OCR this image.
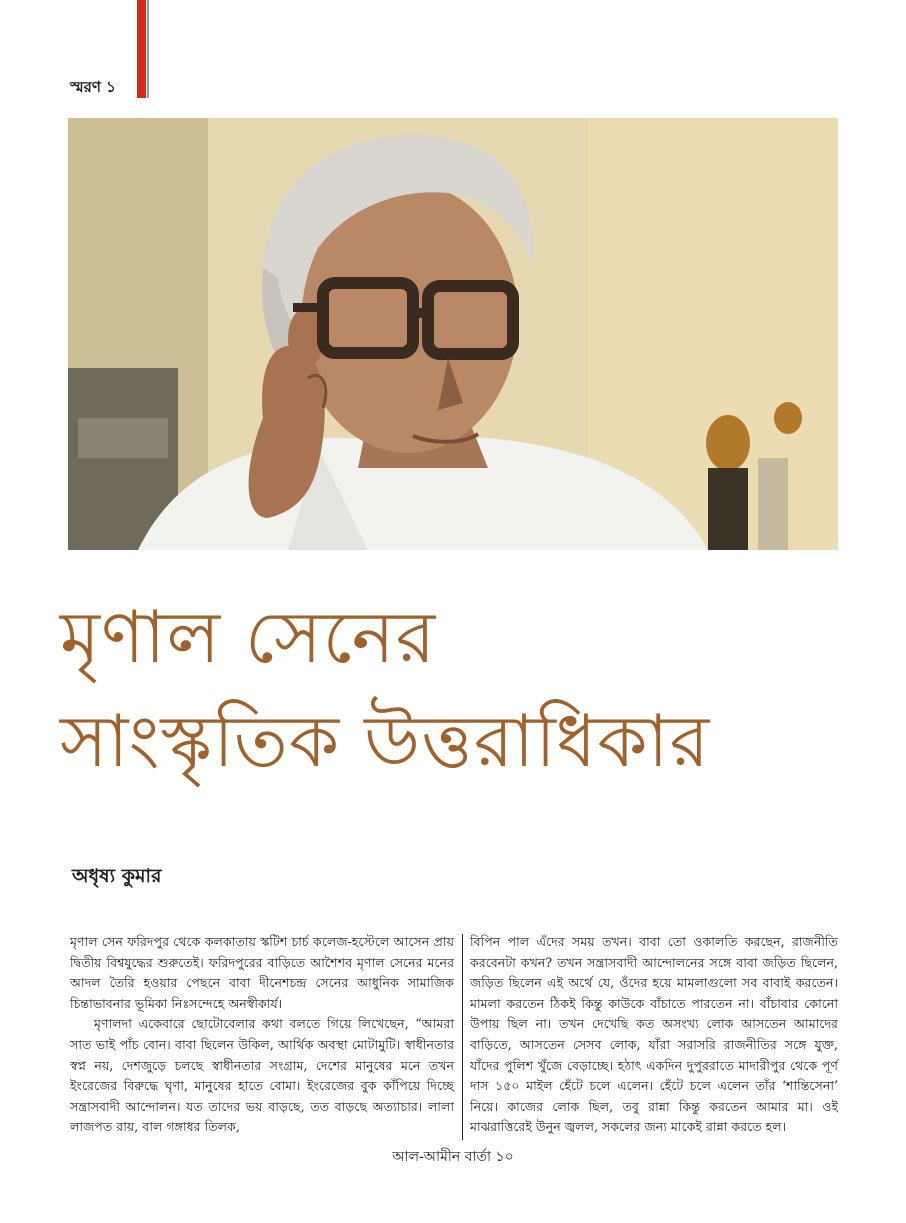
স্মরণ ১
মৃণাল সেনের
সাংস্কৃতিক উত্তরাধিকার
অধৃষ্য কুমার

মৃণাল সেন ফরিদপুর থেকে কলকাতায় স্কটিশ চার্চ কলেজ-হস্টেলে আসেন প্রায় দ্বিতীয় বিশ্বযুদ্ধের শুরুতেই। ফরিদপুরের বাড়িতে আশৈশব মৃণাল সেনের মনের আদল তৈরি হওয়ার পেছনে বাবা দীনেশচন্দ্র সেনের আধুনিক সামাজিক চিন্তাভাবনার ভূমিকা নিঃসন্দেহে অনস্বীকার্য।

মৃণালদা একেবারে ছোটোবেলার কথা বলতে গিয়ে লিখেছেন, “আমরা সাত ভাই পাঁচ বোন। বাবা ছিলেন উকিল, আর্থিক অবস্থা মোটামুটি। স্বাধীনতার স্বপ্ন নয়, দেশজুড়ে চলছে স্বাধীনতার সংগ্রাম, দেশের মানুষের মনে তখন ইংরেজের বিরুদ্ধে ঘৃণা, মানুষের হাতে বোমা। ইংরেজের বুক কাঁপিয়ে দিচ্ছে সন্ত্রাসবাদী আন্দোলন। যত তাদের ভয় বাড়ছে, তত বাড়ছে অত্যাচার। লালা লাজপত রায়, বাল গঙ্গাধর তিলক,

বিপিন পাল এঁদের সময় তখন। বাবা তো ওকালতি করছেন, রাজনীতি করবেনটা কখন? তখন সন্ত্রাসবাদী আন্দোলনের সঙ্গে বাবা জড়িত ছিলেন, জড়িত ছিলেন এই অর্থে যে, ওঁদের হয়ে মামলাগুলো সব বাবাই করতেন। মামলা করতেন ঠিকই কিন্তু কাউকে বাঁচাতে পারতেন না। বাঁচাবার কোনো উপায় ছিল না। তখন দেখেছি কত অসংখ্য লোক আসতেন আমাদের বাড়িতে, আসতেন সেসব লোক, যাঁরা সরাসরি রাজনীতির সঙ্গে যুক্ত, যাঁদের পুলিশ খুঁজে বেড়াচ্ছে। হঠাৎ একদিন দুপুররাতে মাদারীপুর থেকে পূর্ণ দাস ১৫০ মাইল হেঁটে চলে এলেন। হেঁটে চলে এলেন তাঁর ‘শান্তিসেনা’ নিয়ে। কাজের লোক ছিল, তবু রান্না কিন্তু করতেন আমার মা। ওই মাঝরাত্তিরেই উনুন জ্বলল, সকলের জন্য মাকেই রান্না করতে হল।

আল-আমীন বার্তা ১০
